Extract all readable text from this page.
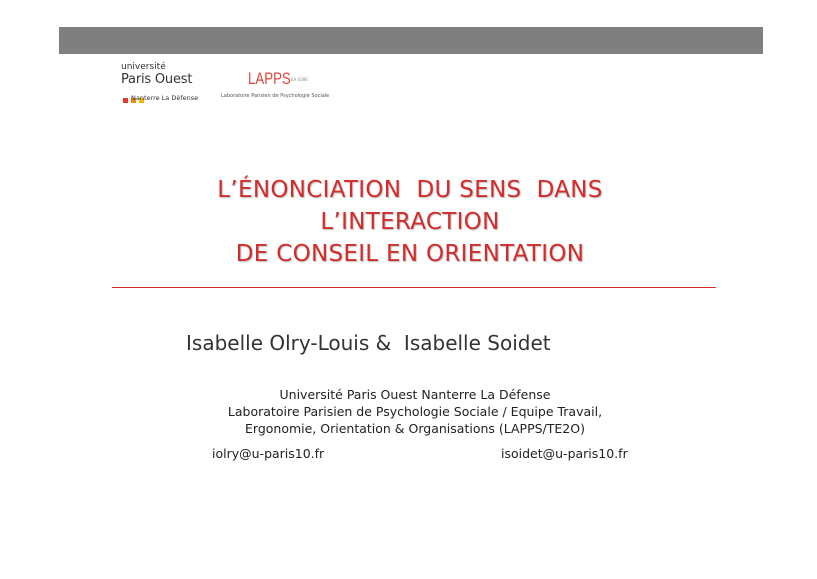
université
Paris Ouest
Nanterre La Défense
LAPPS EA 4386
Laboratoire Parisien de Psychologie Sociale
L’ÉNONCIATION  DU SENS  DANS
L’INTERACTION
DE CONSEIL EN ORIENTATION
Isabelle Olry-Louis &  Isabelle Soidet
Université Paris Ouest Nanterre La Défense
Laboratoire Parisien de Psychologie Sociale / Equipe Travail,
Ergonomie, Orientation & Organisations (LAPPS/TE2O)
iolry@u-paris10.fr	isoidet@u-paris10.fr
